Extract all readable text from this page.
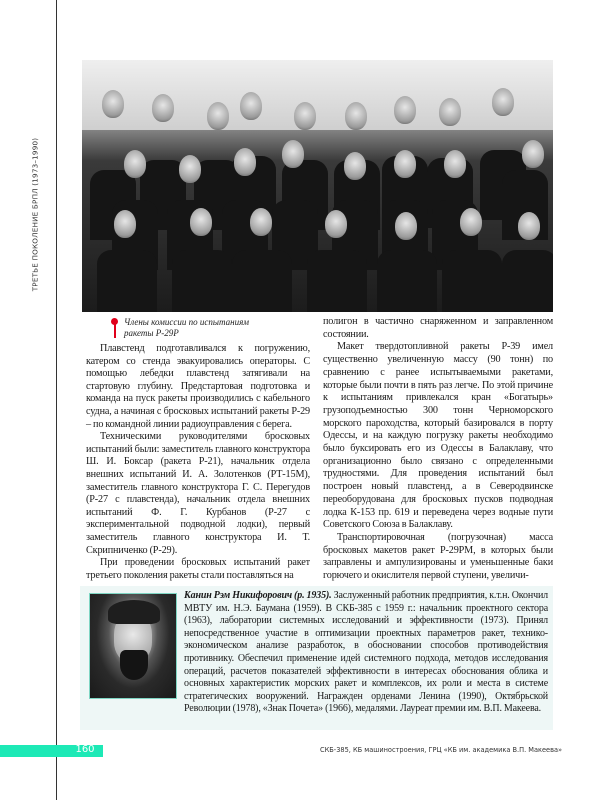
ТРЕТЬЕ ПОКОЛЕНИЕ БРПЛ (1973–1990)
Члены комиссии по испытаниям
ракеты Р-29Р

Плавстенд подготавливался к погружению, катером со стенда эвакуировались операторы. С помощью лебедки плавстенд затягивали на стартовую глубину. Предстартовая подготовка и команда на пуск ракеты производились с кабельного судна, а начиная с бросковых испытаний ракеты Р-29 – по командной линии радиоуправления с берега.

Техническими руководителями бросковых испытаний были: заместитель главного конструктора Ш. И. Боксар (ракета Р-21), начальник отдела внешних испытаний И. А. Золотенков (РТ-15М), заместитель главного конструктора Г. С. Перегудов (Р-27 с плавстенда), начальник отдела внешних испытаний Ф. Г. Курбанов (Р-27 с экспериментальной подводной лодки), первый заместитель главного конструктора И. Т. Скрипниченко (Р-29).

При проведении бросковых испытаний ракет третьего поколения ракеты стали поставляться на

полигон в частично снаряженном и заправленном состоянии.

Макет твердотопливной ракеты Р-39 имел существенно увеличенную массу (90 тонн) по сравнению с ранее испытываемыми ракетами, которые были почти в пять раз легче. По этой причине к испытаниям привлекался кран «Богатырь» грузоподъемностью 300 тонн Черноморского морского пароходства, который базировался в порту Одессы, и на каждую погрузку ракеты необходимо было буксировать его из Одессы в Балаклаву, что организационно было связано с определенными трудностями. Для проведения испытаний был построен новый плавстенд, а в Северодвинске переоборудована для бросковых пусков подводная лодка К-153 пр. 619 и переведена через водные пути Советского Союза в Балаклаву.

Транспортировочная (погрузочная) масса бросковых макетов ракет Р-29РМ, в которых были заправлены и ампулизированы и уменьшенные баки горючего и окислителя первой ступени, увеличи-

Канин Рэм Никифорович (р. 1935). Заслуженный работник предприятия, к.т.н. Окончил МВТУ им. Н.Э. Баумана (1959). В СКБ-385 с 1959 г.: начальник проектного сектора (1963), лаборатории системных исследований и эффективности (1973). Принял непосредственное участие в оптимизации проектных параметров ракет, технико-экономическом анализе разработок, в обосновании способов противодействия противнику. Обеспечил применение идей системного подхода, методов исследования операций, расчетов показателей эффективности в интересах обоснования облика и основных характеристик морских ракет и комплексов, их роли и места в системе стратегических вооружений. Награжден орденами Ленина (1990), Октябрьской Революции (1978), «Знак Почета» (1966), медалями. Лауреат премии им. В.П. Макеева.
160	СКБ-385, КБ машиностроения, ГРЦ «КБ им. академика В.П. Макеева»
